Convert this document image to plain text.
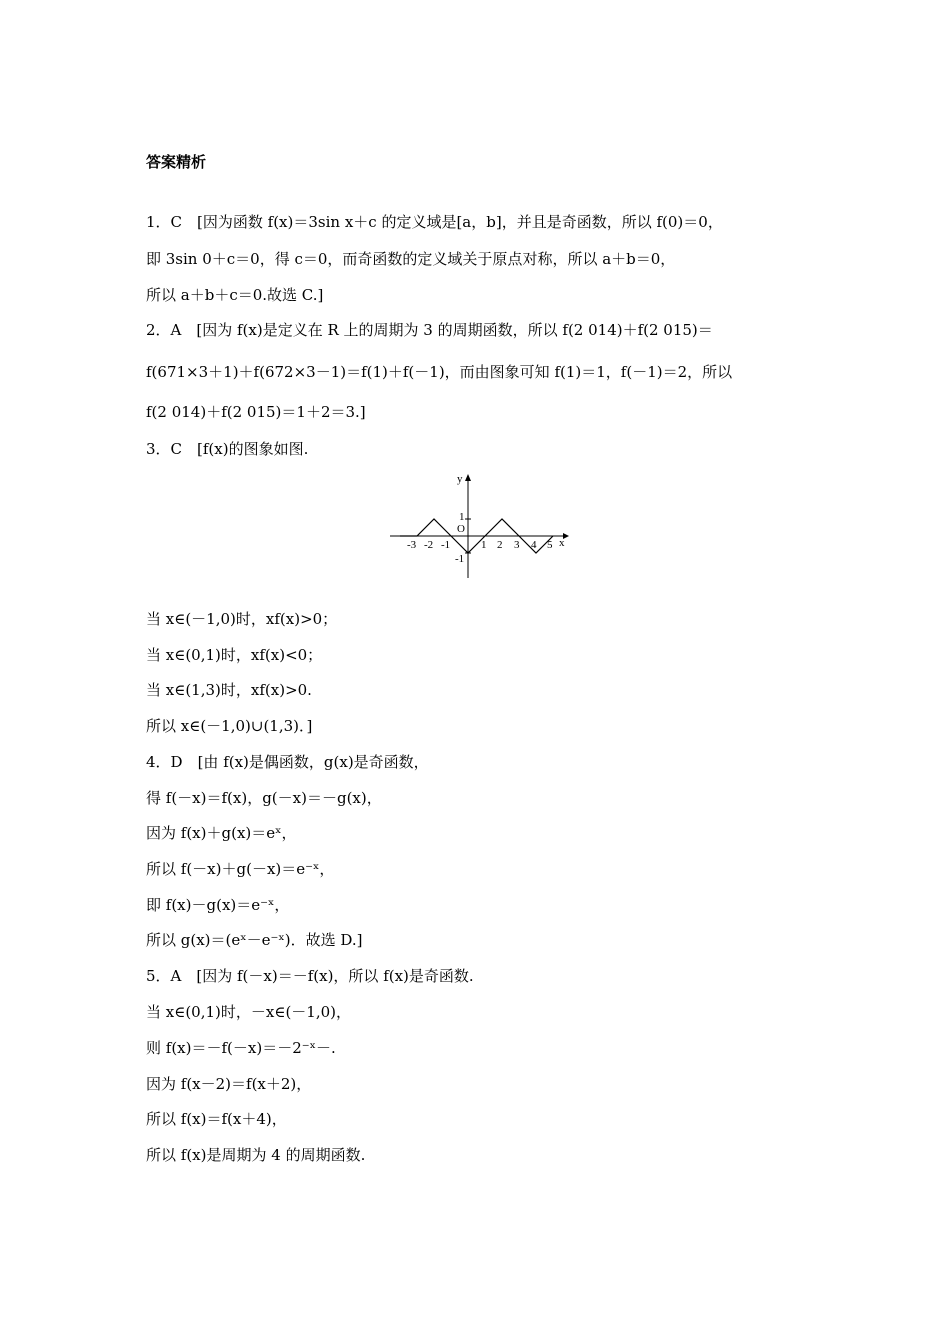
答案精析
1．C　[因为函数 f(x)＝3sin x＋c 的定义域是[a，b]，并且是奇函数，所以 f(0)＝0，
即 3sin 0＋c＝0，得 c＝0，而奇函数的定义域关于原点对称，所以 a＋b＝0，
所以 a＋b＋c＝0.故选 C.]
2．A　[因为 f(x)是定义在 R 上的周期为 3 的周期函数，所以 f(2 014)＋f(2 015)＝
f(671×3＋1)＋f(672×3－1)＝f(1)＋f(－1)，而由图象可知 f(1)＝1，f(－1)＝2，所以
f(2 014)＋f(2 015)＝1＋2＝3.]
3．C　[f(x)的图象如图.
y
x
O
1
-1
-3 -2 -1	1 2 3 4 5
当 x∈(－1,0)时，xf(x)>0；
当 x∈(0,1)时，xf(x)<0；
当 x∈(1,3)时，xf(x)>0.
所以 x∈(－1,0)∪(1,3)．]
4．D　[由 f(x)是偶函数，g(x)是奇函数，
得 f(－x)＝f(x)，g(－x)＝－g(x)，
因为 f(x)＋g(x)＝eˣ，
所以 f(－x)＋g(－x)＝e⁻ˣ，
即 f(x)－g(x)＝e⁻ˣ，
所以 g(x)＝(eˣ－e⁻ˣ)．故选 D.]
5．A　[因为 f(－x)＝－f(x)，所以 f(x)是奇函数.
当 x∈(0,1)时，－x∈(－1,0)，
则 f(x)＝－f(－x)＝－2⁻ˣ－.
因为 f(x－2)＝f(x＋2)，
所以 f(x)＝f(x＋4)，
所以 f(x)是周期为 4 的周期函数.
